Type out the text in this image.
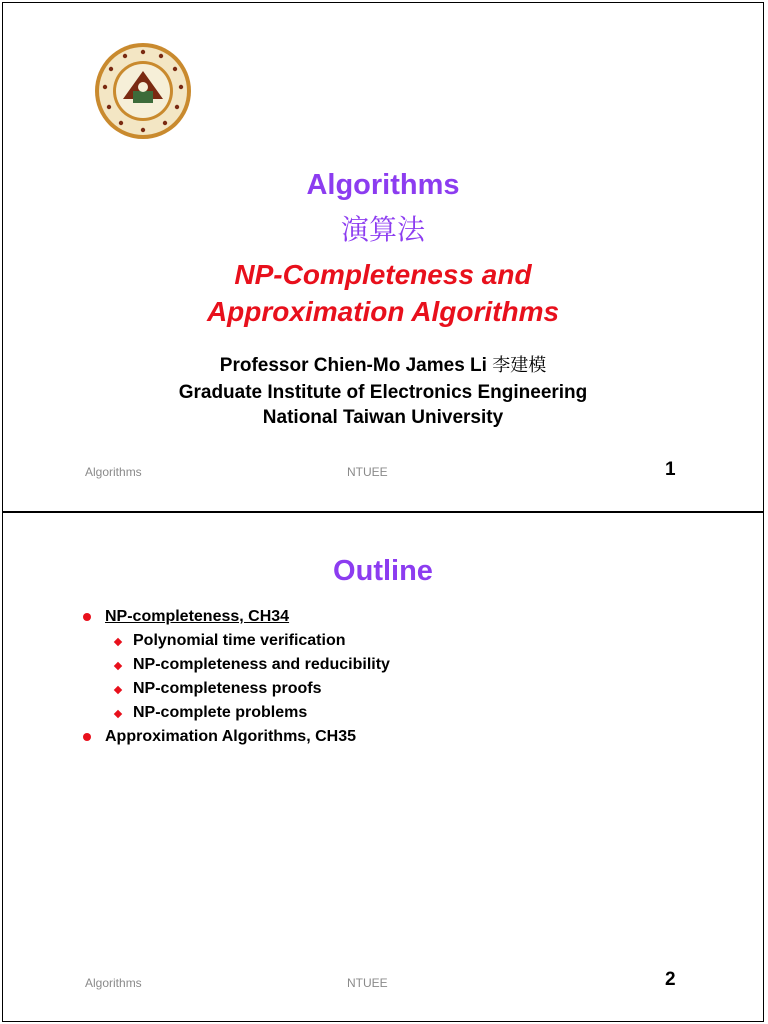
Algorithms
演算法
NP-Completeness and
Approximation Algorithms
Professor Chien-Mo James Li 李建模
Graduate Institute of Electronics Engineering
National Taiwan University
Algorithms	NTUEE	1
Outline
NP-completeness, CH34
Polynomial time verification
NP-completeness and reducibility
NP-completeness proofs
NP-complete problems
Approximation Algorithms, CH35
Algorithms	NTUEE	2
